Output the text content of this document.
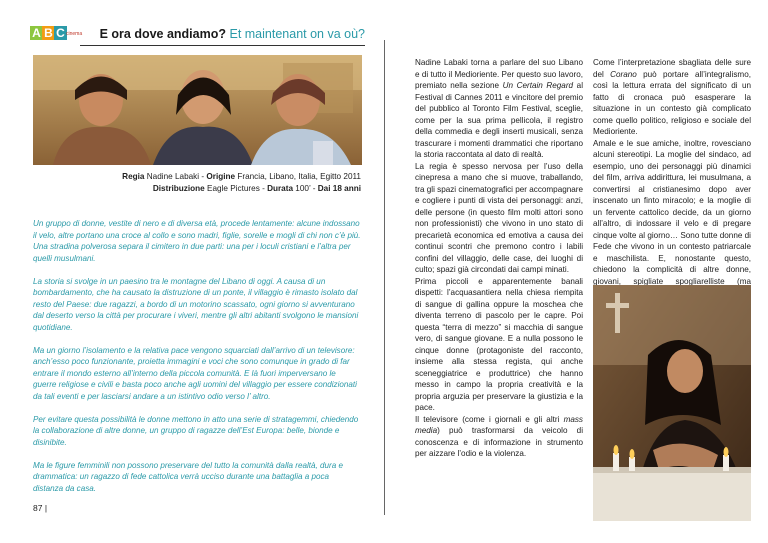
A B C cinema E ora dove andiamo? Et maintenant on va où?
Regia Nadine Labaki - Origine Francia, Libano, Italia, Egitto 2011
Distribuzione Eagle Pictures - Durata 100’ - Dai 18 anni

Un gruppo di donne, vestite di nero e di diversa età, procede lentamente: alcune indossano il velo, altre portano una croce al collo e sono madri, figlie, sorelle e mogli di chi non c’è più. Una stradina polverosa separa il cimitero in due parti: una per i loculi cristiani e l’altra per quelli musulmani.

La storia si svolge in un paesino tra le montagne del Libano di oggi. A causa di un bombardamento, che ha causato la distruzione di un ponte, il villaggio è rimasto isolato dal resto del Paese: due ragazzi, a bordo di un motorino scassato, ogni giorno si avventurano dal deserto verso la città per procurare i viveri, mentre gli altri abitanti svolgono le mansioni quotidiane.

Ma un giorno l’isolamento e la relativa pace vengono squarciati dall’arrivo di un televisore: anch’esso poco funzionante, proietta immagini e voci che sono comunque in grado di far entrare il mondo esterno all’interno della piccola comunità. E là fuori imperversano le guerre religiose e civili e basta poco anche agli uomini del villaggio per essere condizionati da tali eventi e per lasciarsi andare a un istintivo odio verso l’ altro.

Per evitare questa possibilità le donne mettono in atto una serie di stratagemmi, chiedendo la collaborazione di altre donne, un gruppo di ragazze dell’Est Europa: belle, bionde e disinibite.

Ma le figure femminili non possono preservare del tutto la comunità dalla realtà, dura e drammatica: un ragazzo di fede cattolica verrà ucciso durante una battaglia a poca distanza da casa.

87 |

Nadine Labaki torna a parlare del suo Libano e di tutto il Medioriente. Per questo suo lavoro, premiato nella sezione Un Certain Regard al Festival di Cannes 2011 e vincitore del premio del pubblico al Toronto Film Festival, sceglie, come per la sua prima pellicola, il registro della commedia e degli inserti musicali, senza trascurare i momenti drammatici che riportano la storia raccontata al dato di realtà.
La regia è spesso nervosa per l’uso della cinepresa a mano che si muove, traballando, tra gli spazi cinematografici per accompagnare e cogliere i punti di vista dei personaggi: anzi, delle persone (in questo film molti attori sono non professionisti) che vivono in uno stato di precarietà economica ed emotiva a causa dei continui scontri che premono contro i labili confini del villaggio, delle case, dei luoghi di culto; spazi già circondati dai campi minati.
Prima piccoli e apparentemente banali dispetti: l’acquasantiera nella chiesa riempita di sangue di gallina oppure la moschea che diventa terreno di pascolo per le capre. Poi questa “terra di mezzo” si macchia di sangue vero, di sangue giovane. E a nulla possono le cinque donne (protagoniste del racconto, insieme alla stessa regista, qui anche sceneggiatrice e produttrice) che hanno messo in campo la propria creatività e la propria arguzia per preservare la giustizia e la pace.
Il televisore (come i giornali e gli altri mass media) può trasformarsi da veicolo di conoscenza e di informazione in strumento per aizzare l’odio e la violenza.

Come l’interpretazione sbagliata delle sure del Corano può portare all’integralismo, così la lettura errata del significato di un fatto di cronaca può esasperare la situazione in un contesto già complicato come quello politico, religioso e sociale del Medioriente.
Amale e le sue amiche, inoltre, rovesciano alcuni stereotipi. La moglie del sindaco, ad esempio, uno dei personaggi più dinamici del film, arriva addirittura, lei musulmana, a convertirsi al cristianesimo dopo aver inscenato un finto miracolo; e la moglie di un fervente cattolico decide, da un giorno all’altro, di indossare il velo e di pregare cinque volte al giorno… Sono tutte donne di Fede che vivono in un contesto patriarcale e maschilista. E, nonostante questo, chiedono la complicità di altre donne, giovani, spigliate spogliarelliste (ma
